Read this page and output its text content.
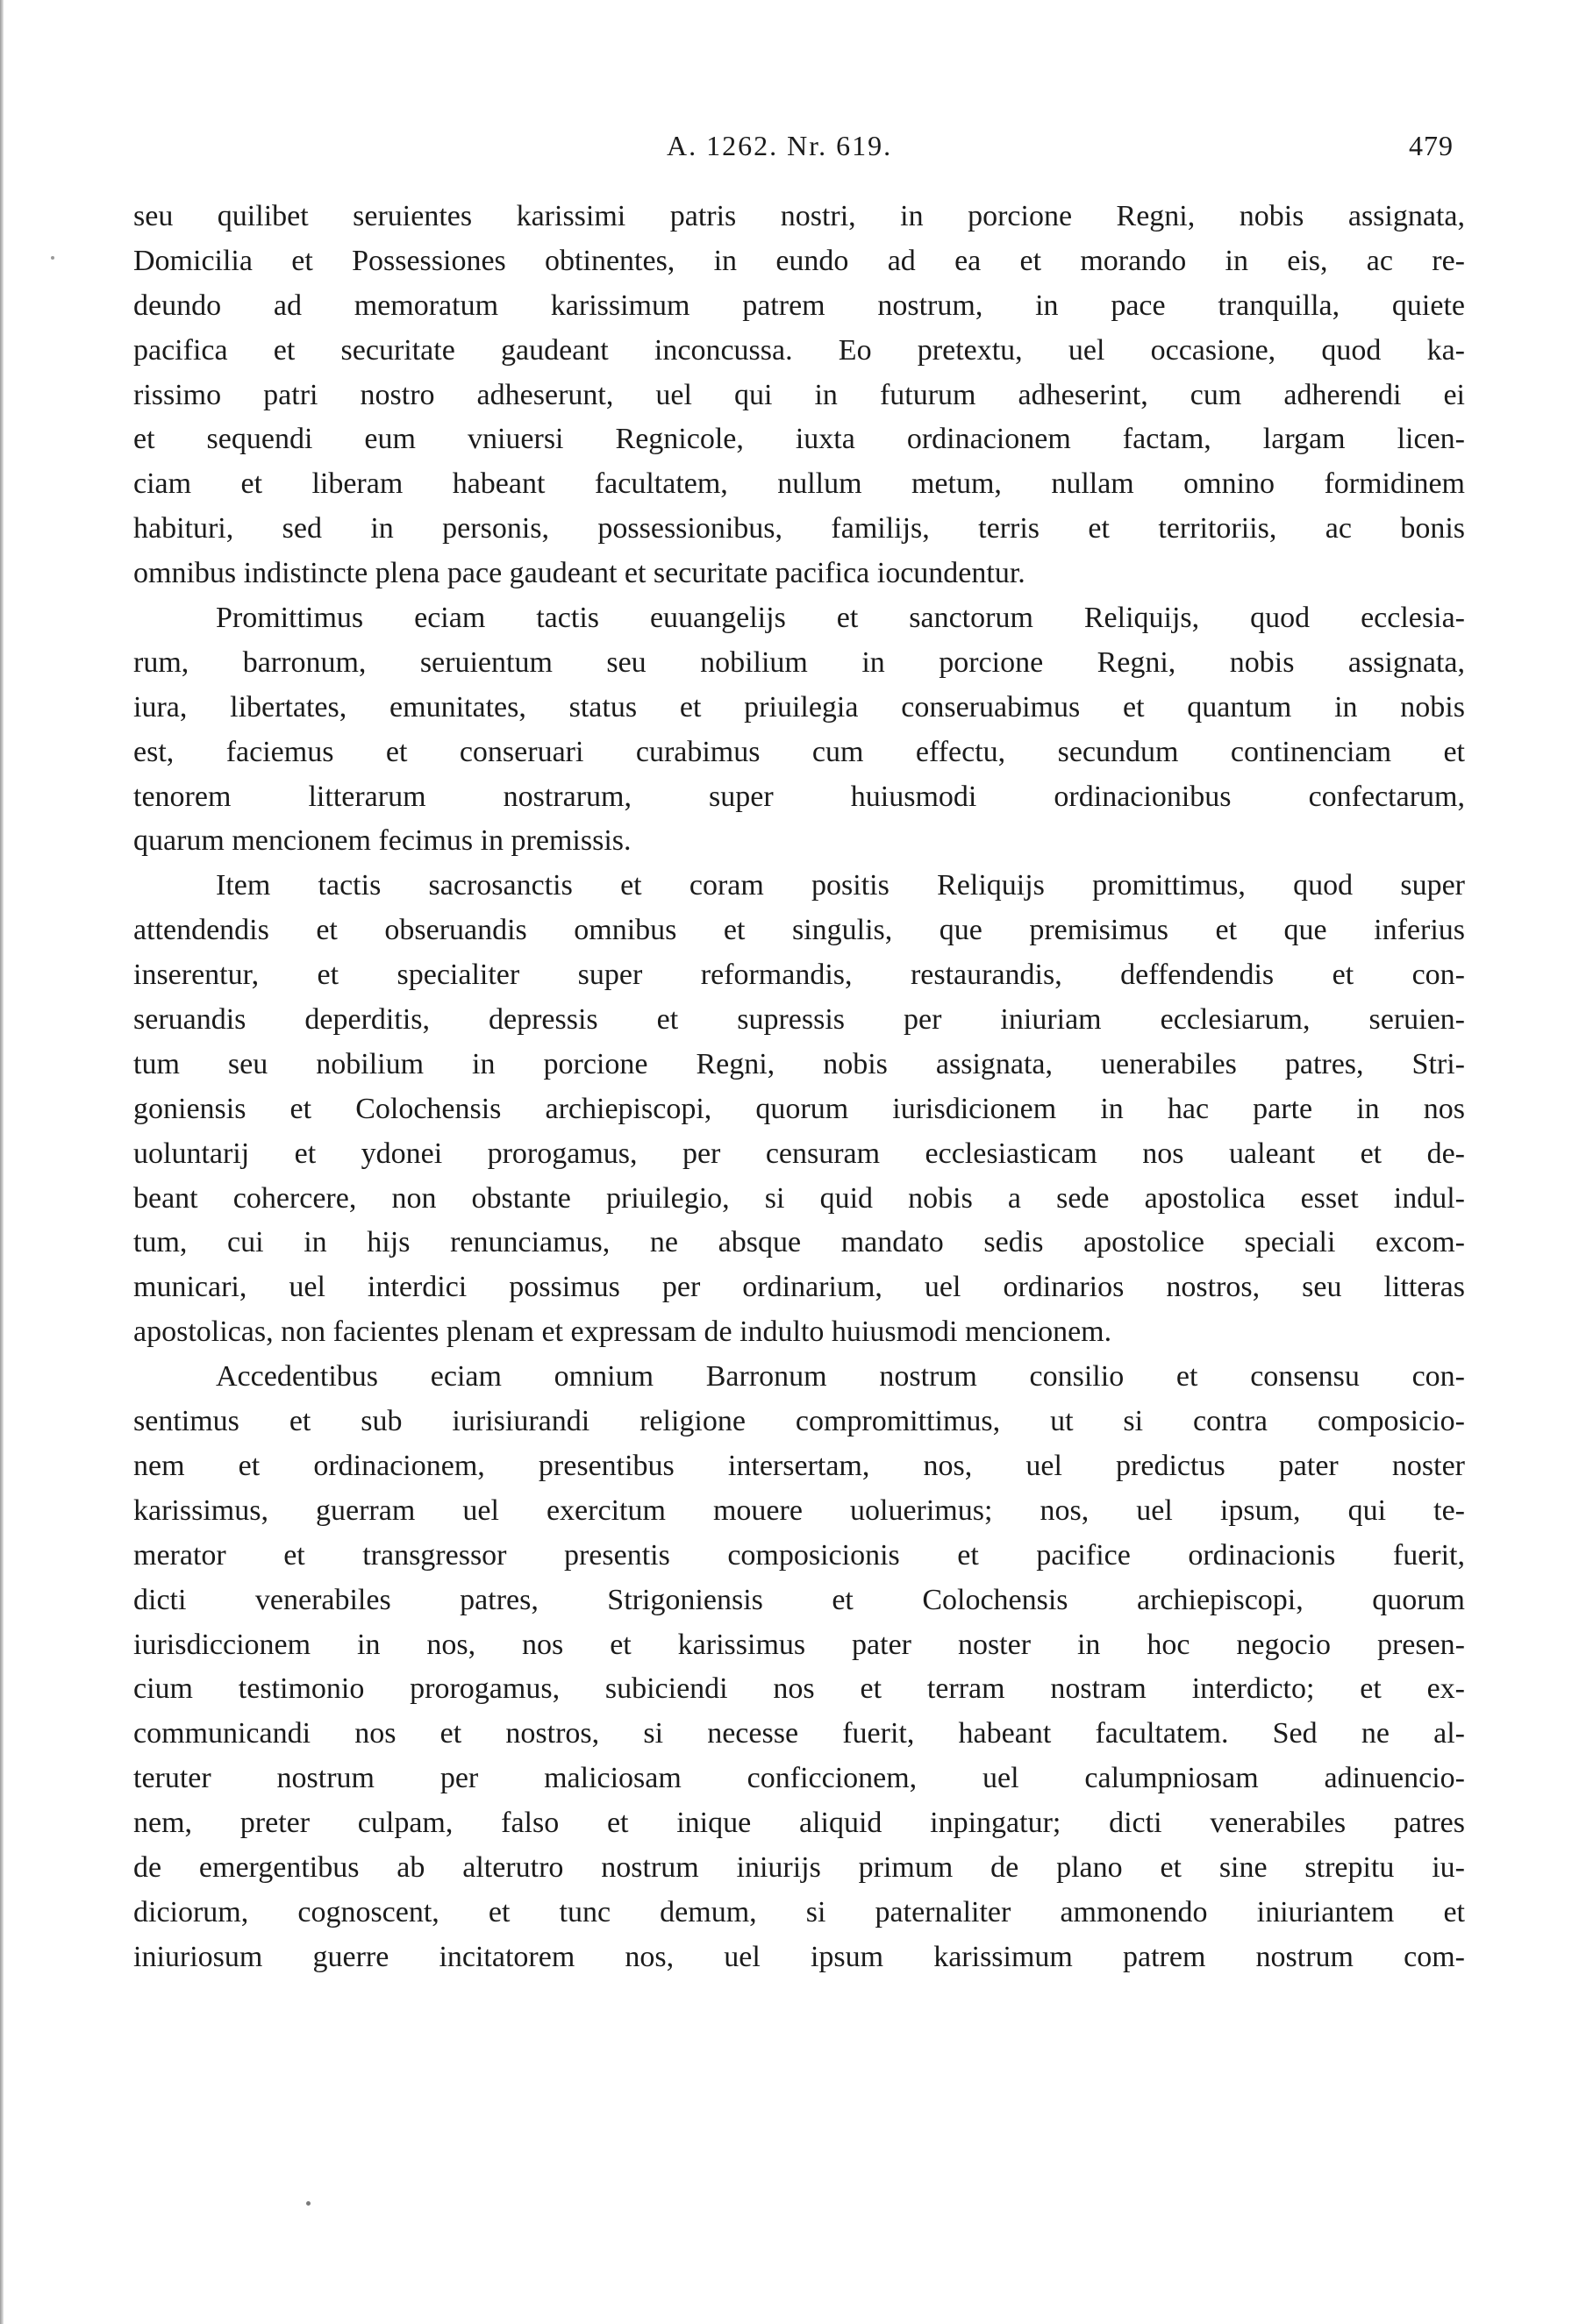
A. 1262. Nr. 619.	479
seu quilibet seruientes karissimi patris nostri, in porcione Regni, nobis assignata,
Domicilia et Possessiones obtinentes, in eundo ad ea et morando in eis, ac re-
deundo ad memoratum karissimum patrem nostrum, in pace tranquilla, quiete
pacifica et securitate gaudeant inconcussa. Eo pretextu, uel occasione, quod ka-
rissimo patri nostro adheserunt, uel qui in futurum adheserint, cum adherendi ei
et sequendi eum vniuersi Regnicole, iuxta ordinacionem factam, largam licen-
ciam et liberam habeant facultatem, nullum metum, nullam omnino formidinem
habituri, sed in personis, possessionibus, familijs, terris et territoriis, ac bonis
omnibus indistincte plena pace gaudeant et securitate pacifica iocundentur.
Promittimus eciam tactis euuangelijs et sanctorum Reliquijs, quod ecclesia-
rum, barronum, seruientum seu nobilium in porcione Regni, nobis assignata,
iura, libertates, emunitates, status et priuilegia conseruabimus et quantum in nobis
est, faciemus et conseruari curabimus cum effectu, secundum continenciam et
tenorem litterarum nostrarum, super huiusmodi ordinacionibus confectarum,
quarum mencionem fecimus in premissis.
Item tactis sacrosanctis et coram positis Reliquijs promittimus, quod super
attendendis et obseruandis omnibus et singulis, que premisimus et que inferius
inserentur, et specialiter super reformandis, restaurandis, deffendendis et con-
seruandis deperditis, depressis et supressis per iniuriam ecclesiarum, seruien-
tum seu nobilium in porcione Regni, nobis assignata, uenerabiles patres, Stri-
goniensis et Colochensis archiepiscopi, quorum iurisdicionem in hac parte in nos
uoluntarij et ydonei prorogamus, per censuram ecclesiasticam nos ualeant et de-
beant cohercere, non obstante priuilegio, si quid nobis a sede apostolica esset indul-
tum, cui in hijs renunciamus, ne absque mandato sedis apostolice speciali excom-
municari, uel interdici possimus per ordinarium, uel ordinarios nostros, seu litteras
apostolicas, non facientes plenam et expressam de indulto huiusmodi mencionem.
Accedentibus eciam omnium Barronum nostrum consilio et consensu con-
sentimus et sub iurisiurandi religione compromittimus, ut si contra composicio-
nem et ordinacionem, presentibus intersertam, nos, uel predictus pater noster
karissimus, guerram uel exercitum mouere uoluerimus; nos, uel ipsum, qui te-
merator et transgressor presentis composicionis et pacifice ordinacionis fuerit,
dicti venerabiles patres, Strigoniensis et Colochensis archiepiscopi, quorum
iurisdiccionem in nos, nos et karissimus pater noster in hoc negocio presen-
cium testimonio prorogamus, subiciendi nos et terram nostram interdicto; et ex-
communicandi nos et nostros, si necesse fuerit, habeant facultatem. Sed ne al-
teruter nostrum per maliciosam conficcionem, uel calumpniosam adinuencio-
nem, preter culpam, falso et inique aliquid inpingatur; dicti venerabiles patres
de emergentibus ab alterutro nostrum iniurijs primum de plano et sine strepitu iu-
diciorum, cognoscent, et tunc demum, si paternaliter ammonendo iniuriantem et
iniuriosum guerre incitatorem nos, uel ipsum karissimum patrem nostrum com-
